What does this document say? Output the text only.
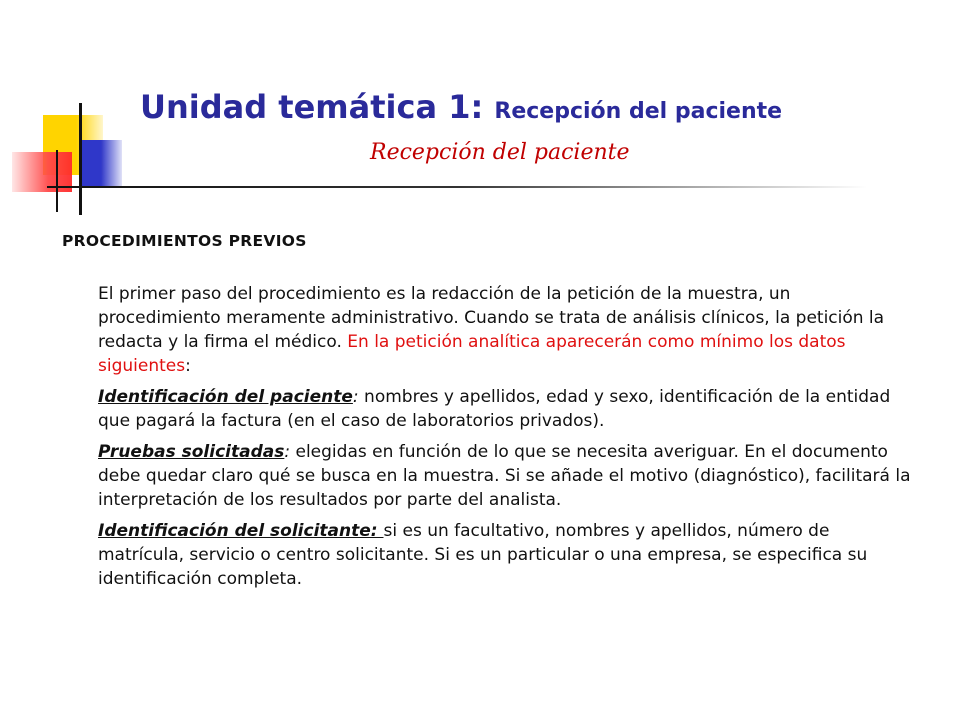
Unidad temática 1: Recepción del paciente
Recepción del paciente
PROCEDIMIENTOS PREVIOS

El primer paso del procedimiento es la redacción de la petición de la muestra, un procedimiento meramente administrativo. Cuando se trata de análisis clínicos, la petición la redacta y la firma el médico. En la petición analítica aparecerán como mínimo los datos siguientes:

Identificación del paciente: nombres y apellidos, edad y sexo, identificación de la entidad que pagará la factura (en el caso de laboratorios privados).

Pruebas solicitadas: elegidas en función de lo que se necesita averiguar. En el documento debe quedar claro qué se busca en la muestra. Si se añade el motivo (diagnóstico), facilitará la interpretación de los resultados por parte del analista.

Identificación del solicitante: si es un facultativo, nombres y apellidos, número de matrícula, servicio o centro solicitante. Si es un particular o una empresa, se especifica su identificación completa.
